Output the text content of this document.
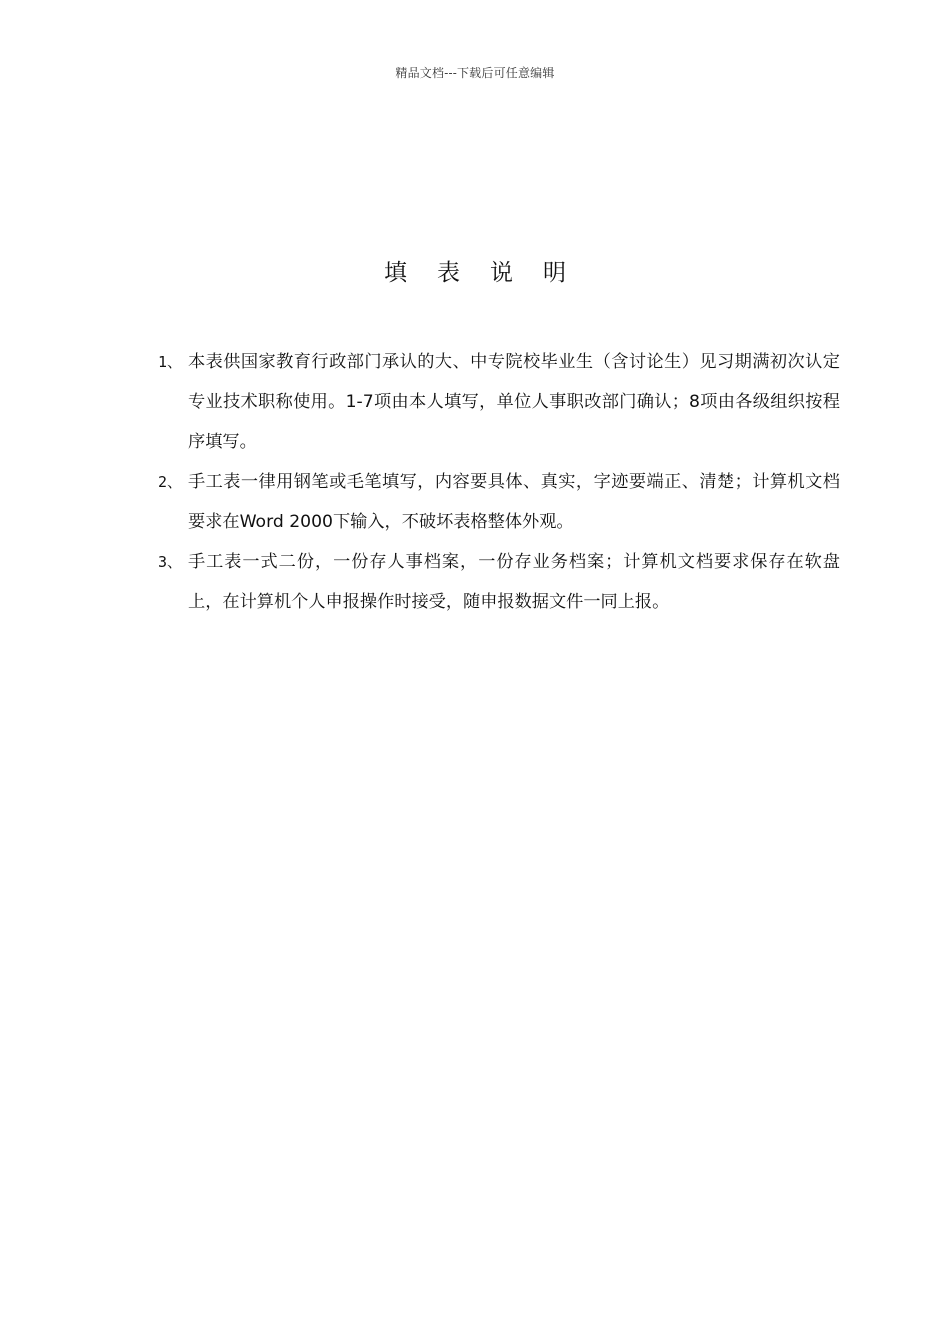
精品文档---下载后可任意编辑
填表说明
1、 本表供国家教育行政部门承认的大、中专院校毕业生（含讨论生）见习期满初次认定专业技术职称使用。1-7项由本人填写，单位人事职改部门确认；8项由各级组织按程序填写。
2、 手工表一律用钢笔或毛笔填写，内容要具体、真实，字迹要端正、清楚；计算机文档要求在Word 2000下输入，不破坏表格整体外观。
3、 手工表一式二份，一份存人事档案，一份存业务档案；计算机文档要求保存在软盘上，在计算机个人申报操作时接受，随申报数据文件一同上报。
